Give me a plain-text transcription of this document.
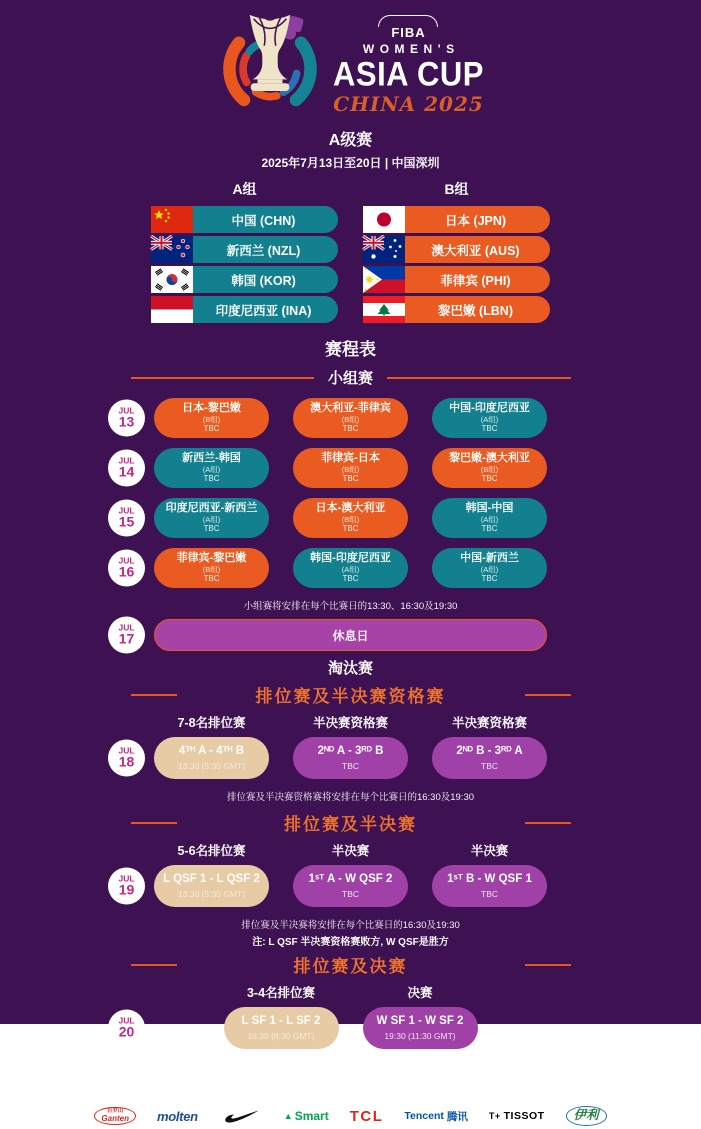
FIBA
WOMEN'S
ASIA CUP
CHINA 2025
A级赛
2025年7月13日至20日 | 中国深圳
A组
中国 (CHN)
新西兰 (NZL)
韩国 (KOR)
印度尼西亚 (INA)
B组
日本 (JPN)
澳大利亚 (AUS)
菲律宾 (PHI)
黎巴嫩 (LBN)
赛程表
小组赛
JUL
13
日本-黎巴嫩
(B组)
TBC
澳大利亚-菲律宾
(B组)
TBC
中国-印度尼西亚
(A组)
TBC
JUL
14
新西兰-韩国
(A组)
TBC
菲律宾-日本
(B组)
TBC
黎巴嫩-澳大利亚
(B组)
TBC
JUL
15
印度尼西亚-新西兰
(A组)
TBC
日本-澳大利亚
(B组)
TBC
韩国-中国
(A组)
TBC
JUL
16
菲律宾-黎巴嫩
(B组)
TBC
韩国-印度尼西亚
(A组)
TBC
中国-新西兰
(A组)
TBC
小组赛将安排在每个比赛日的13:30、16:30及19:30
JUL
17	休息日
淘汰赛
排位赛及半决赛资格赛
7-8名排位赛	半决赛资格赛	半决赛资格赛
JUL
18
4ᵀᴴ A - 4ᵀᴴ B
13:30 (5:30 GMT)
2ᴺᴰ A - 3ᴿᴰ B
TBC
2ᴺᴰ B - 3ᴿᴰ A
TBC
排位赛及半决赛资格赛将安排在每个比赛日的16:30及19:30
排位赛及半决赛
5-6名排位赛	半决赛	半决赛
JUL
19
L QSF 1 - L QSF 2
13:30 (5:30 GMT)
1ˢᵀ A - W QSF 2
TBC
1ˢᵀ B - W QSF 1
TBC
排位赛及半决赛将安排在每个比赛日的16:30及19:30
注: L QSF 半决赛资格赛败方, W QSF是胜方
排位赛及决赛
3-4名排位赛	决赛
JUL
20
L SF 1 - L SF 2
16:30 (8:30 GMT)
W SF 1 - W SF 2
19:30 (11:30 GMT)
注: L SF代表半决赛败方, W SF代表胜方
GLOBAL PARTNERS
百岁山
Ganten molten	▲ Smart TCL Tencent 腾讯 T+ TISSOT	伊利
